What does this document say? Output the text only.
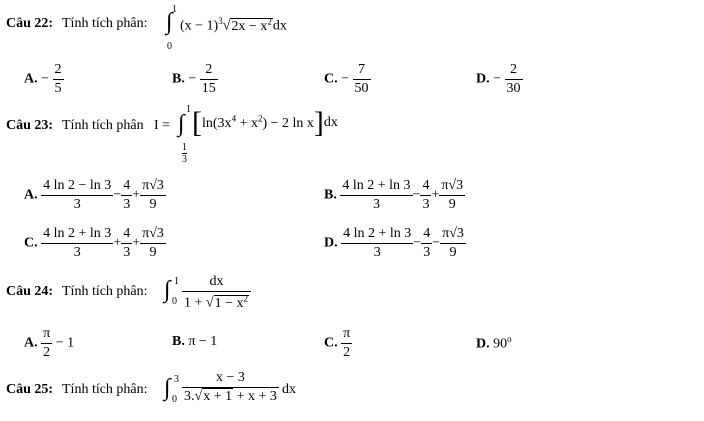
Câu 22: Tính tích phân: ∫ 1
0
$(x - 1)^3√2x - x^2dx$
A. − $\frac{2}{5}$	B. − $\frac{2}{15}$	C. − $\frac{7}{50}$	D. − $\frac{2}{30}$
Câu 23: Tính tích phân I = ∫
1
1
3
[$\ln(3x^4 + x^2) - 2$ ln x]dx
A. $\frac{4 \ln 2 - \ln 3}{3} - \frac{4}{3} + \frac{\pi√3}{9}$	B. $\frac{4 \ln 2 + \ln 3}{3} - \frac{4}{3} + \frac{\pi√3}{9}$
C. $\frac{4 \ln 2 + \ln 3}{3} + \frac{4}{3} + \frac{\pi√3}{9}$	D. $\frac{4 \ln 2 + \ln 3}{3} - \frac{4}{3} - \frac{\pi√3}{9}$
Câu 24: Tính tích phân: ∫ 1
$0 \frac{dx}{1 + √1 - x^2}$
A. $\frac{\pi}{2} - 1$	B. π − 1	C. $\frac{\pi}{2}$	D. 90$^o$
Câu 25: Tính tích phân: ∫ 3
$0 \frac{x - 3}{3.√x + 1 + x + 3}$ dx
